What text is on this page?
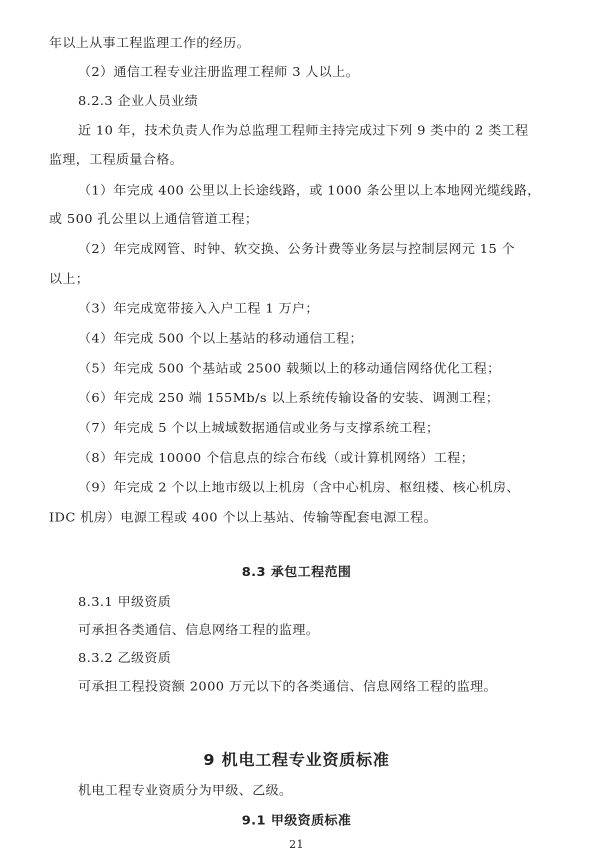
年以上从事工程监理工作的经历。
（2）通信工程专业注册监理工程师 3 人以上。
8.2.3 企业人员业绩
近 10 年，技术负责人作为总监理工程师主持完成过下列 9 类中的 2 类工程
监理，工程质量合格。
（1）年完成 400 公里以上长途线路，或 1000 条公里以上本地网光缆线路，
或 500 孔公里以上通信管道工程；
（2）年完成网管、时钟、软交换、公务计费等业务层与控制层网元 15 个
以上；
（3）年完成宽带接入入户工程 1 万户；
（4）年完成 500 个以上基站的移动通信工程；
（5）年完成 500 个基站或 2500 载频以上的移动通信网络优化工程；
（6）年完成 250 端 155Mb/s 以上系统传输设备的安装、调测工程；
（7）年完成 5 个以上城域数据通信或业务与支撑系统工程；
（8）年完成 10000 个信息点的综合布线（或计算机网络）工程；
（9）年完成 2 个以上地市级以上机房（含中心机房、枢纽楼、核心机房、
IDC 机房）电源工程或 400 个以上基站、传输等配套电源工程。
8.3 承包工程范围
8.3.1 甲级资质
可承担各类通信、信息网络工程的监理。
8.3.2 乙级资质
可承担工程投资额 2000 万元以下的各类通信、信息网络工程的监理。
9 机电工程专业资质标准
机电工程专业资质分为甲级、乙级。
9.1 甲级资质标准
21
